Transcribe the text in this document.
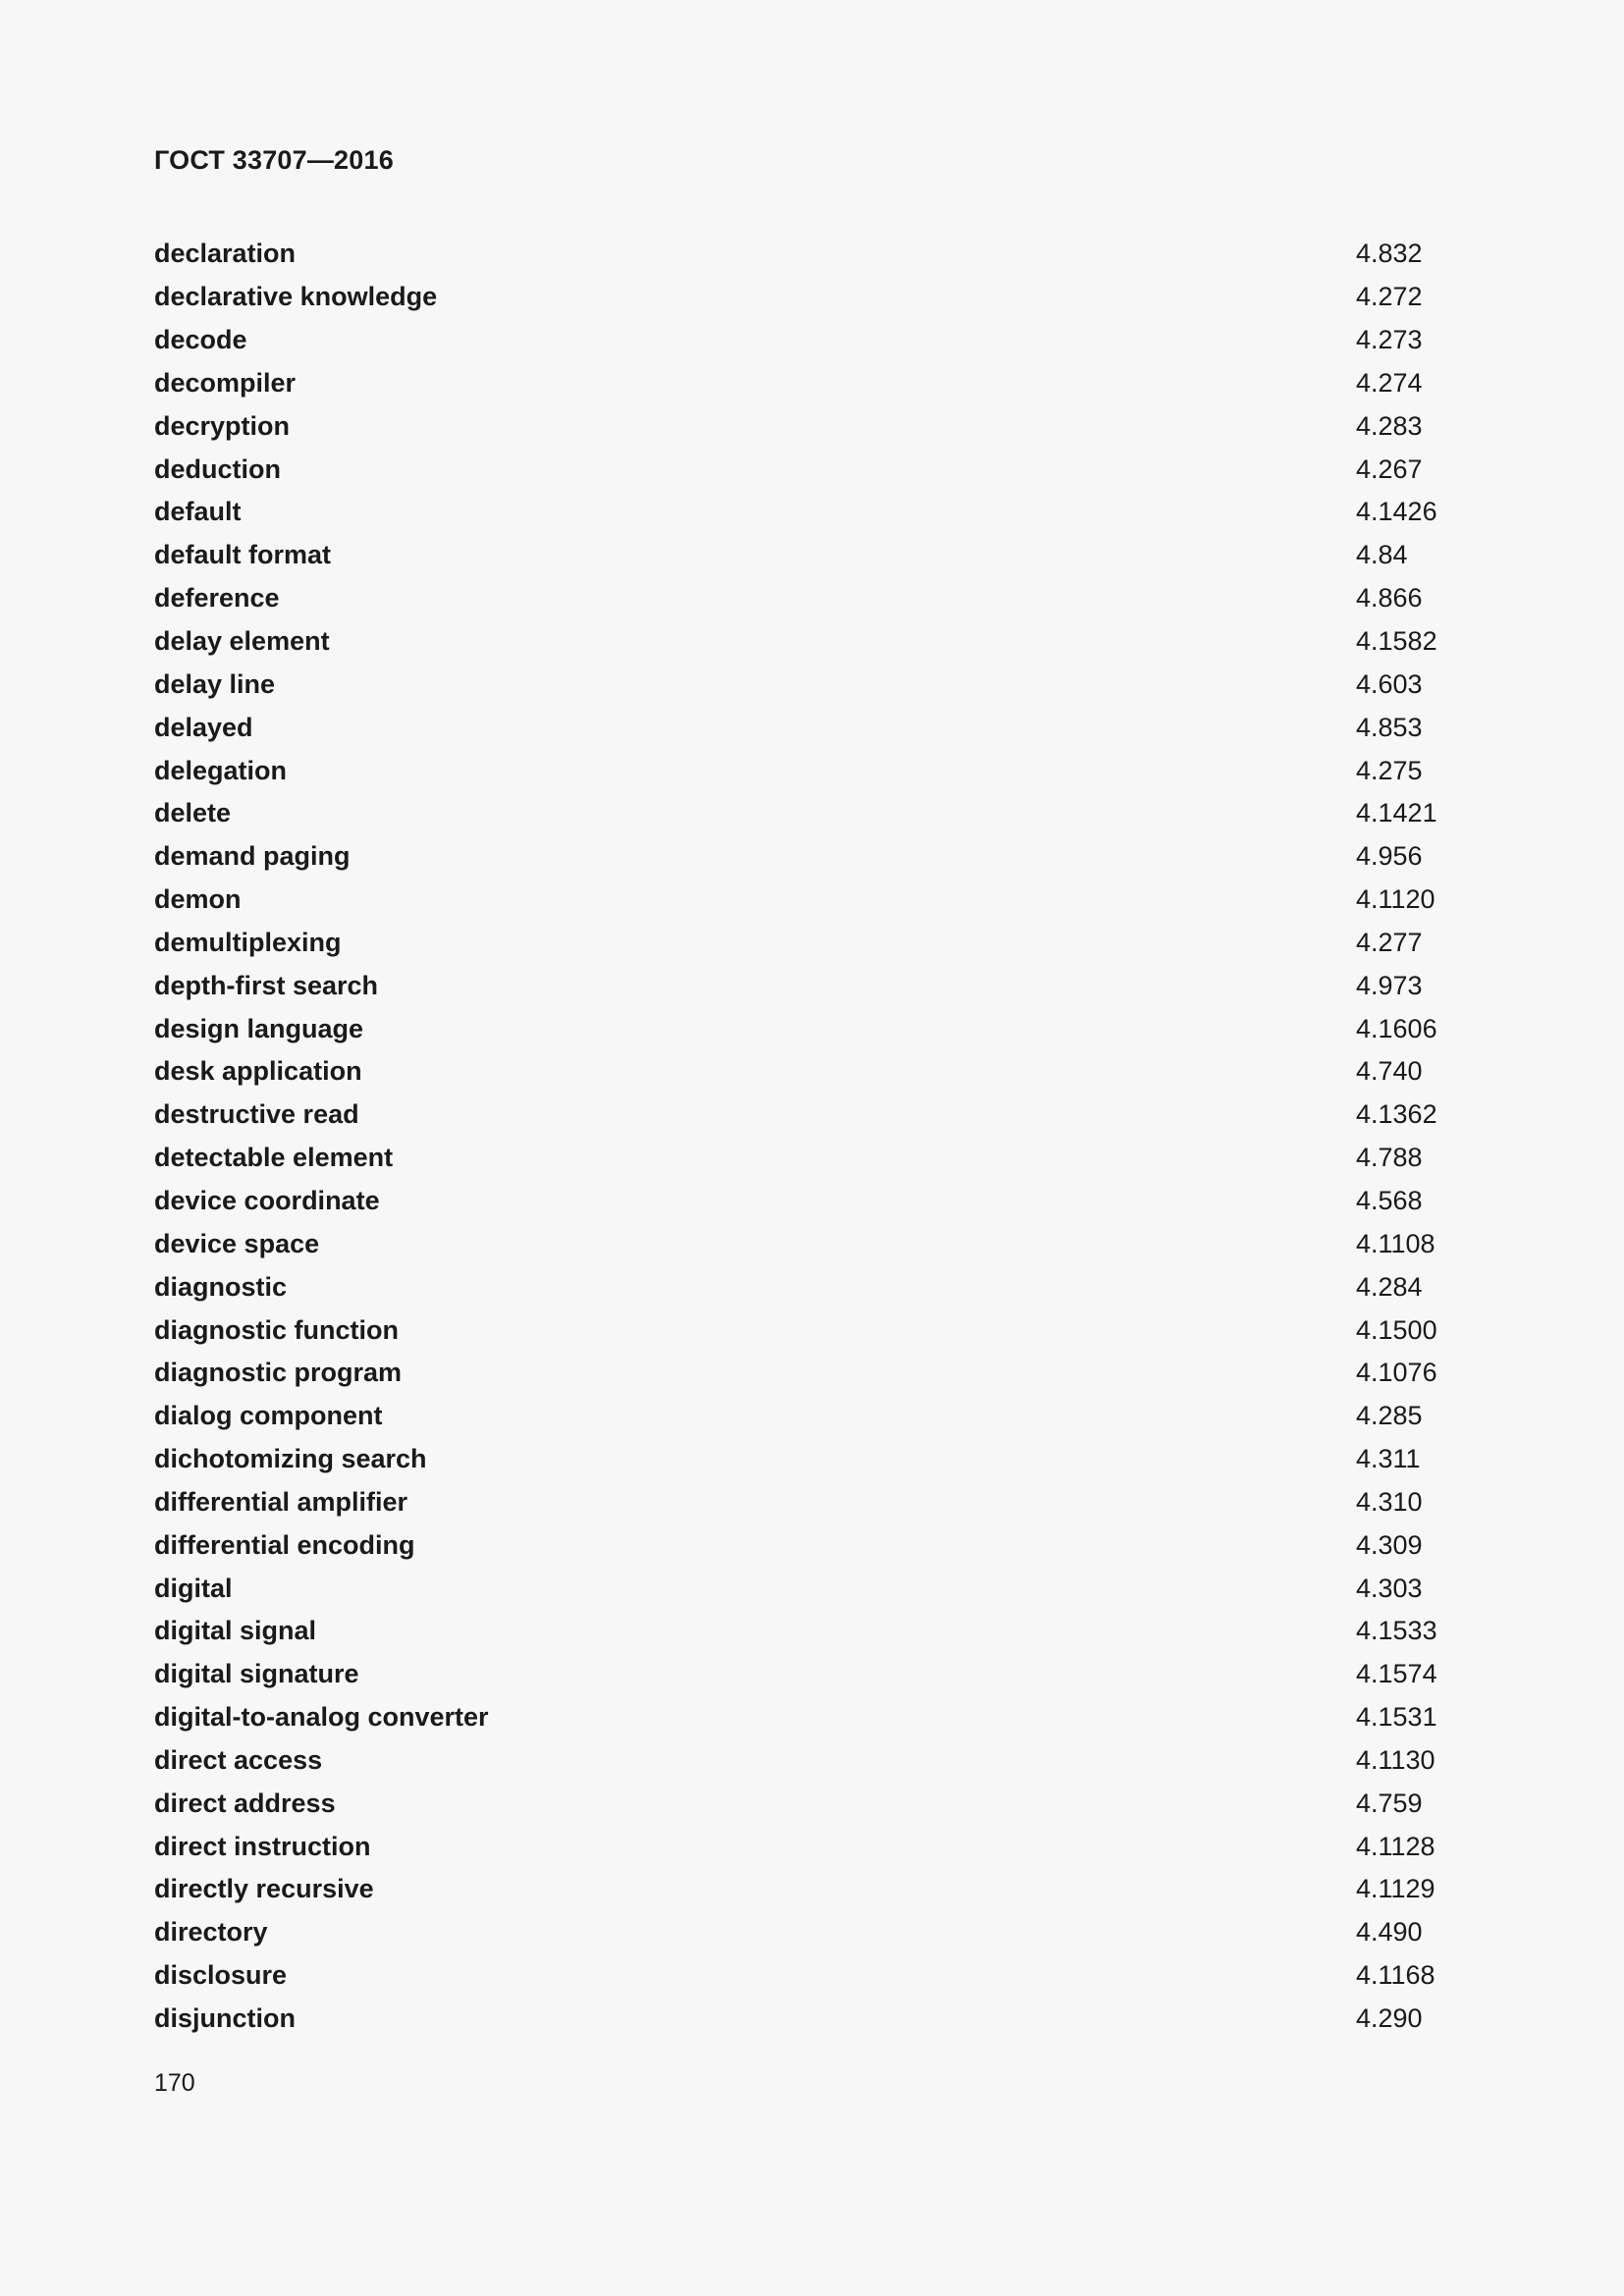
ГОСТ 33707—2016
declaration	4.832
declarative knowledge	4.272
decode	4.273
decompiler	4.274
decryption	4.283
deduction	4.267
default	4.1426
default format	4.84
deference	4.866
delay element	4.1582
delay line	4.603
delayed	4.853
delegation	4.275
delete	4.1421
demand paging	4.956
demon	4.1120
demultiplexing	4.277
depth-first search	4.973
design language	4.1606
desk application	4.740
destructive read	4.1362
detectable element	4.788
device coordinate	4.568
device space	4.1108
diagnostic	4.284
diagnostic function	4.1500
diagnostic program	4.1076
dialog component	4.285
dichotomizing search	4.311
differential amplifier	4.310
differential encoding	4.309
digital	4.303
digital signal	4.1533
digital signature	4.1574
digital-to-analog converter	4.1531
direct access	4.1130
direct address	4.759
direct instruction	4.1128
directly recursive	4.1129
directory	4.490
disclosure	4.1168
disjunction	4.290
170
